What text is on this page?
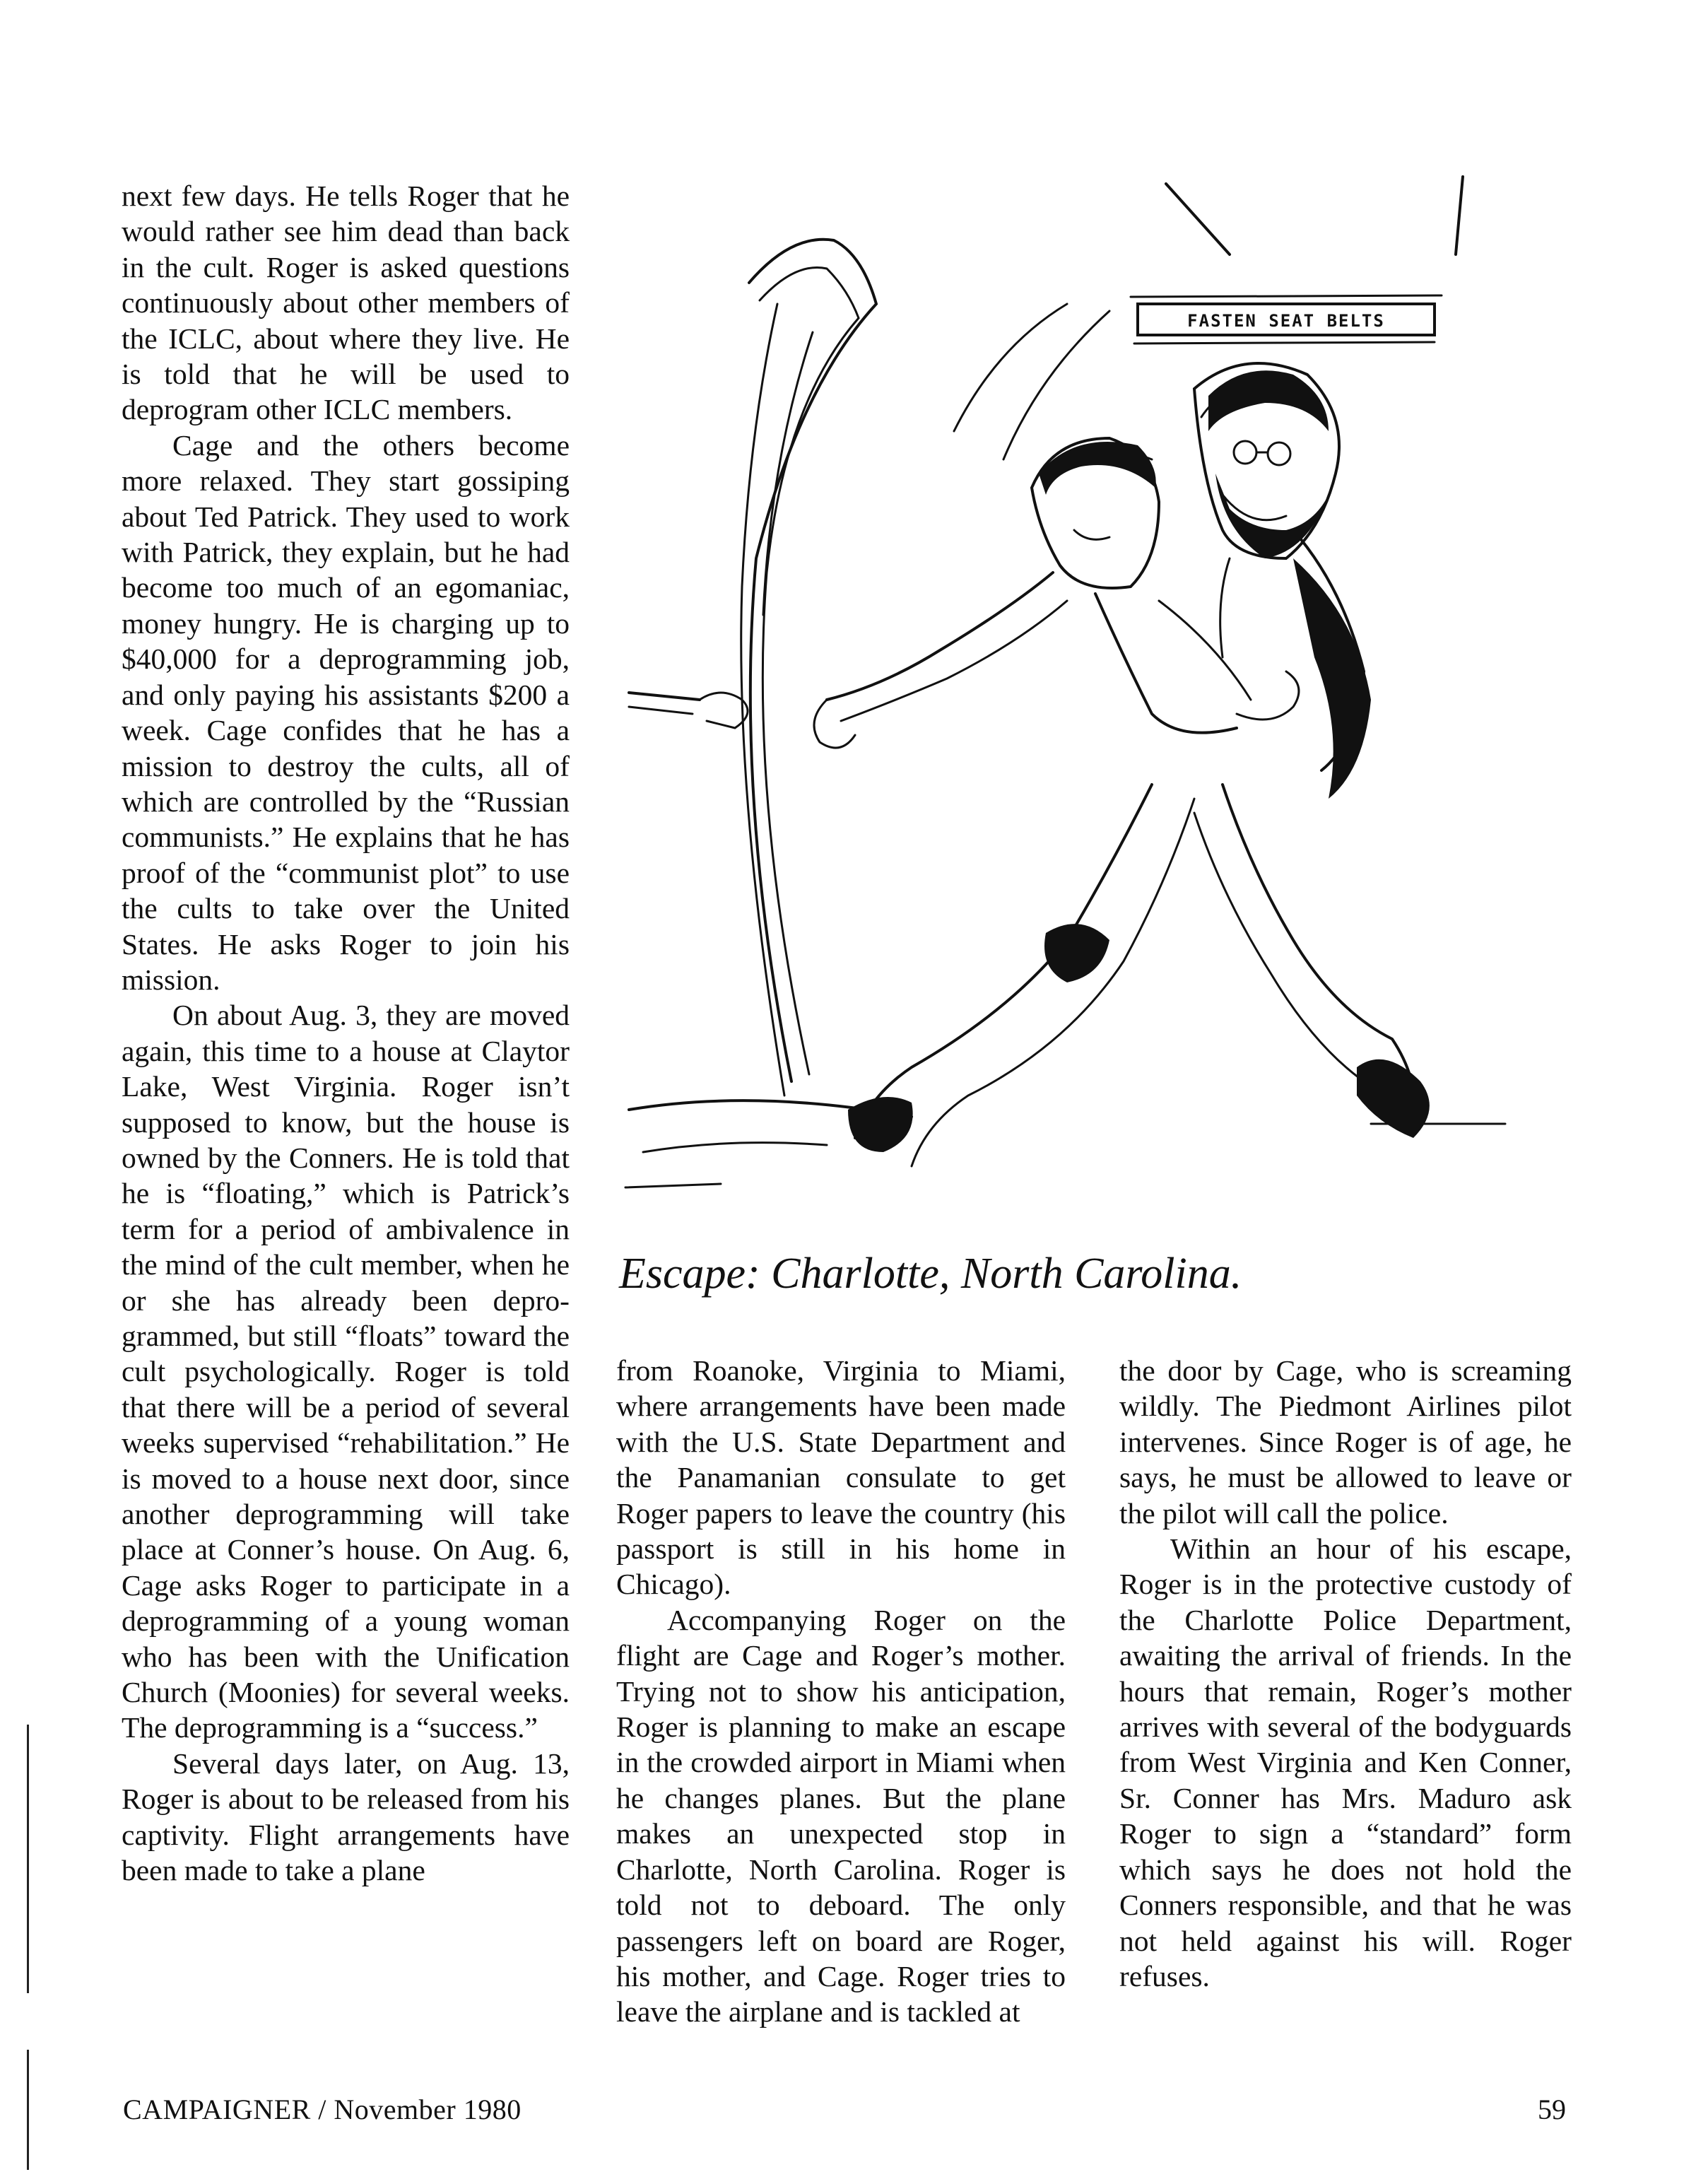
next few days. He tells Roger that he would rather see him dead than back in the cult. Roger is asked questions continuously about other members of the ICLC, about where they live. He is told that he will be used to deprogram other ICLC members.

Cage and the others become more relaxed. They start gossiping about Ted Patrick. They used to work with Patrick, they explain, but he had become too much of an egomaniac, money hungry. He is charging up to $40,000 for a deprogramming job, and only paying his assistants $200 a week. Cage confides that he has a mission to destroy the cults, all of which are controlled by the “Russian communists.” He explains that he has proof of the “communist plot” to use the cults to take over the United States. He asks Roger to join his mission.

On about Aug. 3, they are moved again, this time to a house at Claytor Lake, West Virginia. Roger isn’t supposed to know, but the house is owned by the Conners. He is told that he is “floating,” which is Patrick’s term for a period of ambivalence in the mind of the cult member, when he or she has already been deprogrammed, but still “floats” toward the cult psychologically. Roger is told that there will be a period of several weeks supervised “rehabilitation.” He is moved to a house next door, since another deprogramming will take place at Conner’s house. On Aug. 6, Cage asks Roger to participate in a deprogramming of a young woman who has been with the Unification Church (Moonies) for several weeks. The deprogramming is a “success.”

Several days later, on Aug. 13, Roger is about to be released from his captivity. Flight arrangements have been made to take a plane

FASTEN SEAT BELTS
Escape: Charlotte, North Carolina.

from Roanoke, Virginia to Miami, where arrangements have been made with the U.S. State Department and the Panamanian consulate to get Roger papers to leave the country (his passport is still in his home in Chicago).

Accompanying Roger on the flight are Cage and Roger’s mother. Trying not to show his anticipation, Roger is planning to make an escape in the crowded airport in Miami when he changes planes. But the plane makes an unexpected stop in Charlotte, North Carolina. Roger is told not to deboard. The only passengers left on board are Roger, his mother, and Cage. Roger tries to leave the airplane and is tackled at

the door by Cage, who is screaming wildly. The Piedmont Airlines pilot intervenes. Since Roger is of age, he says, he must be allowed to leave or the pilot will call the police.

Within an hour of his escape, Roger is in the protective custody of the Charlotte Police Department, awaiting the arrival of friends. In the hours that remain, Roger’s mother arrives with several of the bodyguards from West Virginia and Ken Conner, Sr. Conner has Mrs. Maduro ask Roger to sign a “standard” form which says he does not hold the Conners responsible, and that he was not held against his will. Roger refuses.

CAMPAIGNER / November 1980	59
